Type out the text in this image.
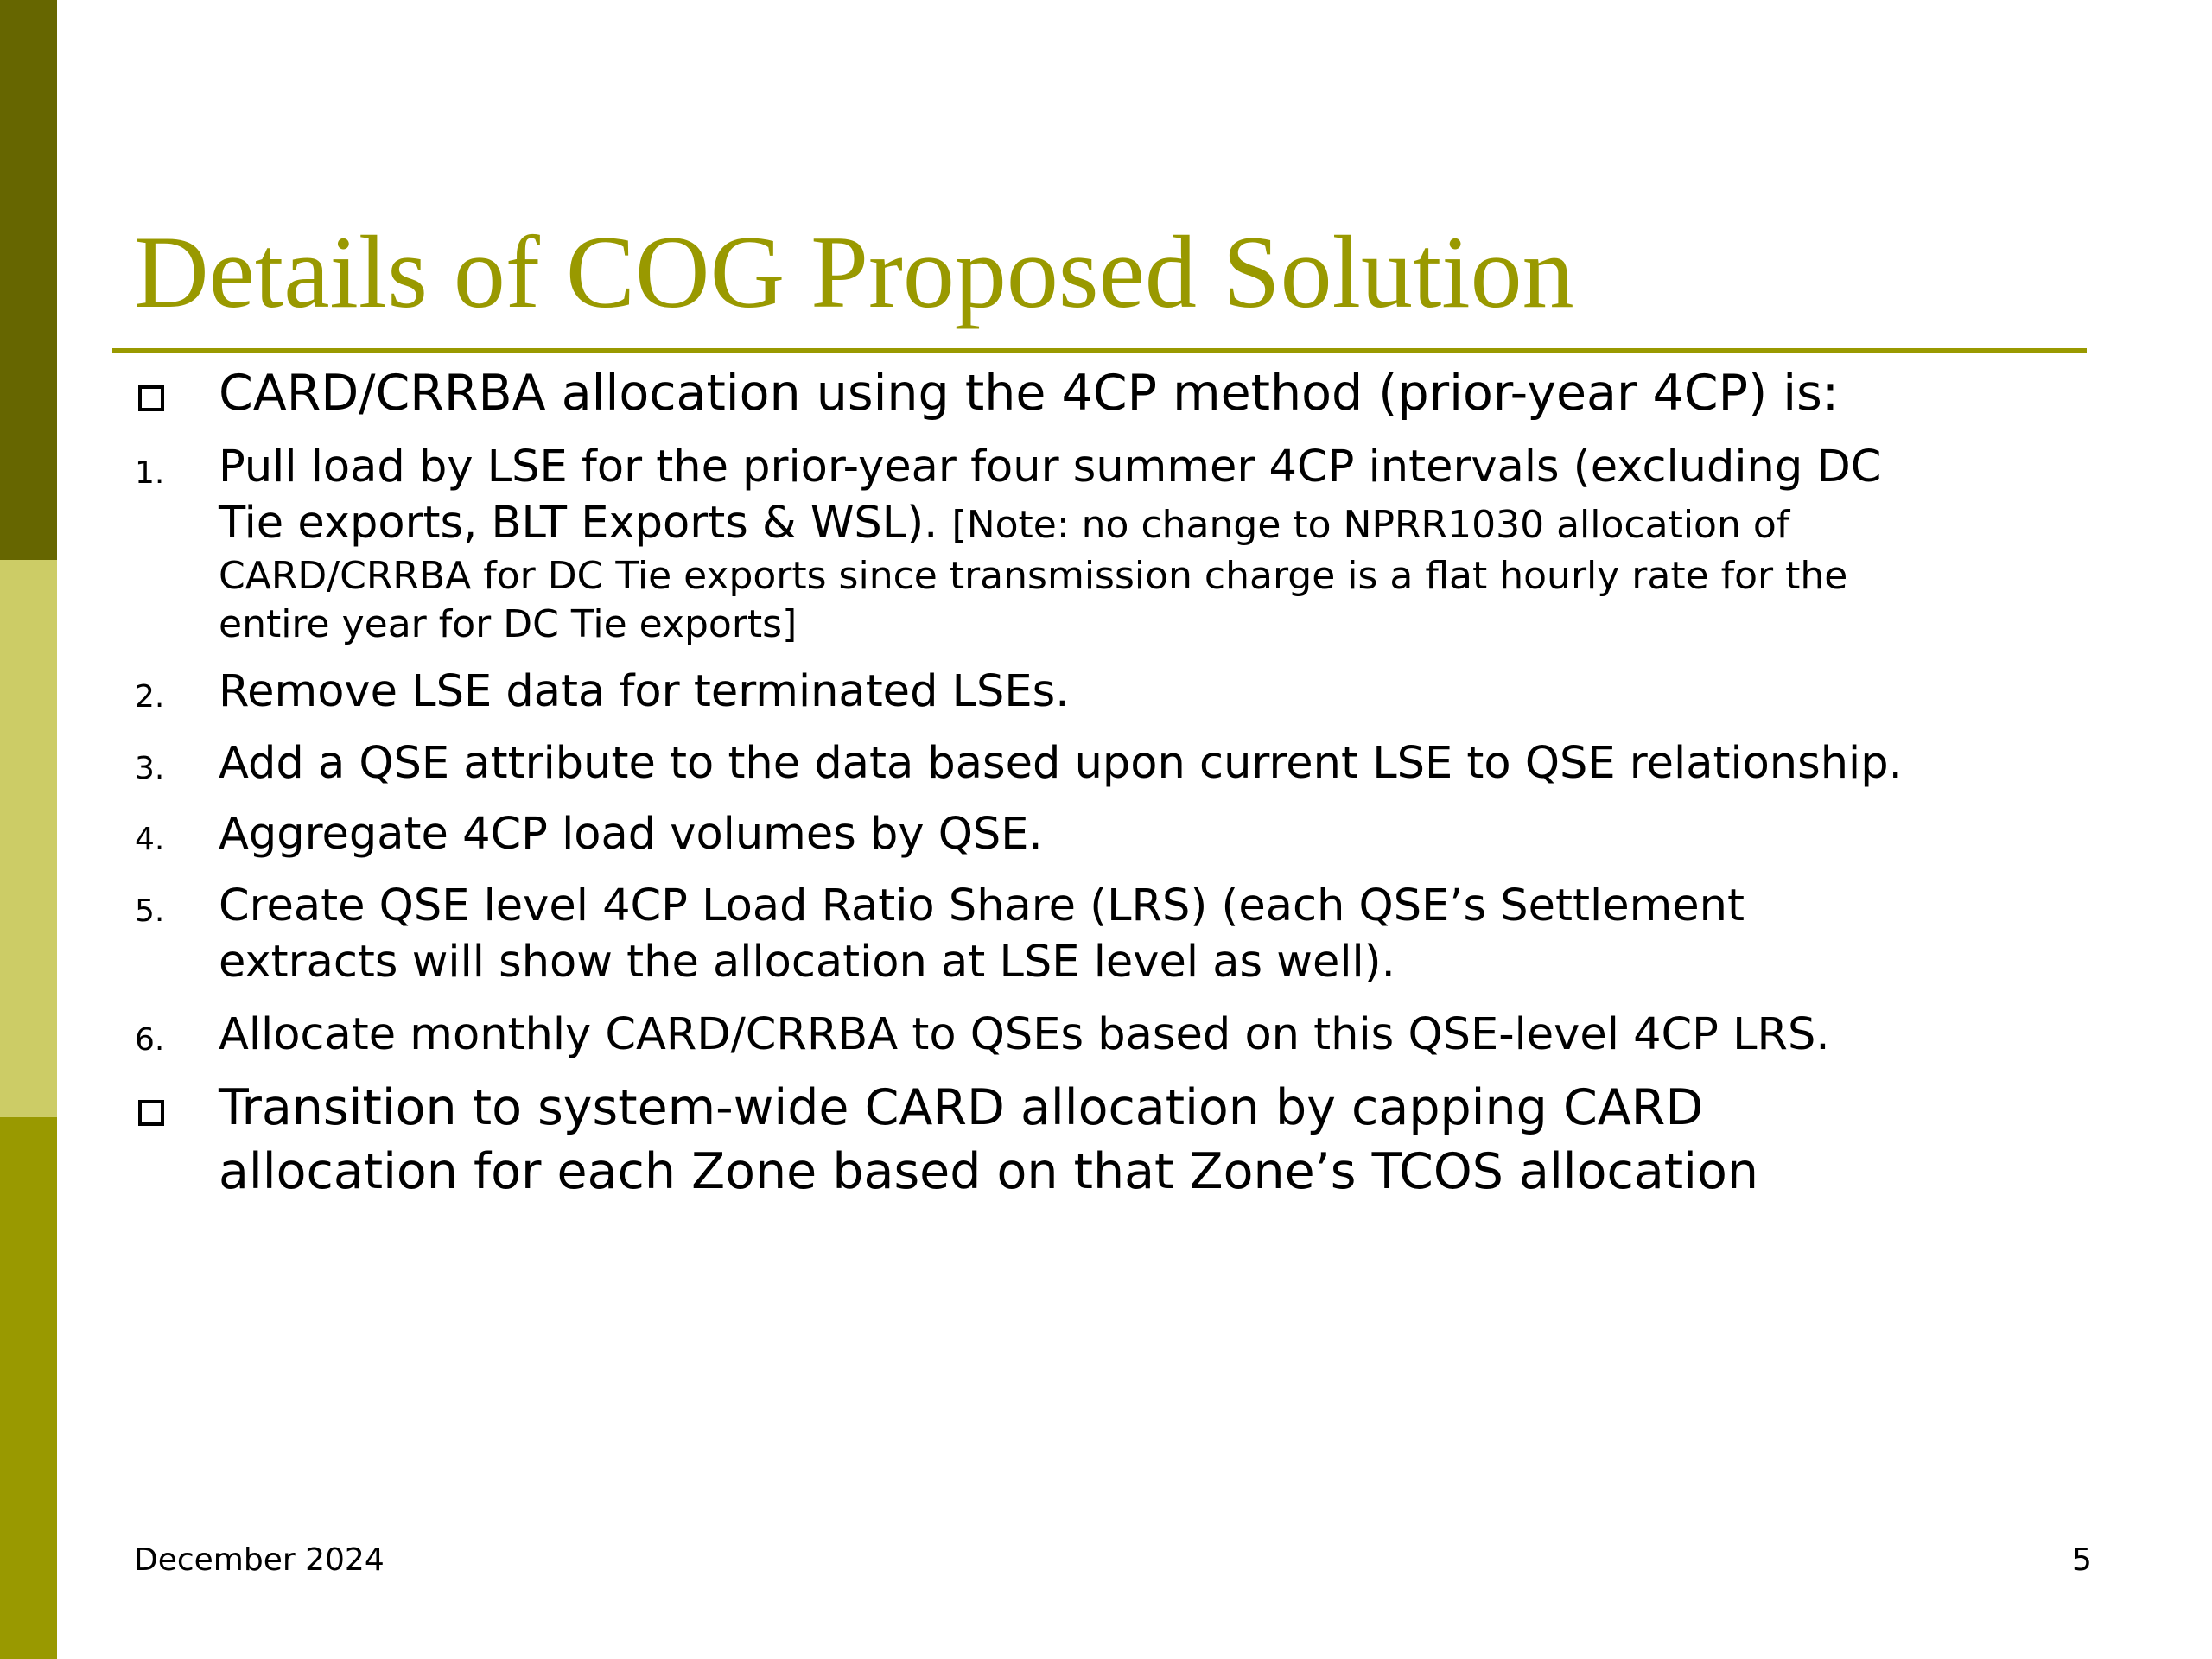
Details of COG Proposed Solution
CARD/CRRBA allocation using the 4CP method (prior-year 4CP) is:
1. Pull load by LSE for the prior-year four summer 4CP intervals (excluding DC
Tie exports, BLT Exports & WSL). [Note: no change to NPRR1030 allocation of
CARD/CRRBA for DC Tie exports since transmission charge is a flat hourly rate for the
entire year for DC Tie exports]
2. Remove LSE data for terminated LSEs.
3. Add a QSE attribute to the data based upon current LSE to QSE relationship.
4. Aggregate 4CP load volumes by QSE.
5. Create QSE level 4CP Load Ratio Share (LRS) (each QSE’s Settlement
extracts will show the allocation at LSE level as well).
6. Allocate monthly CARD/CRRBA to QSEs based on this QSE-level 4CP LRS.
Transition to system-wide CARD allocation by capping CARD
allocation for each Zone based on that Zone’s TCOS allocation
December 2024	5
